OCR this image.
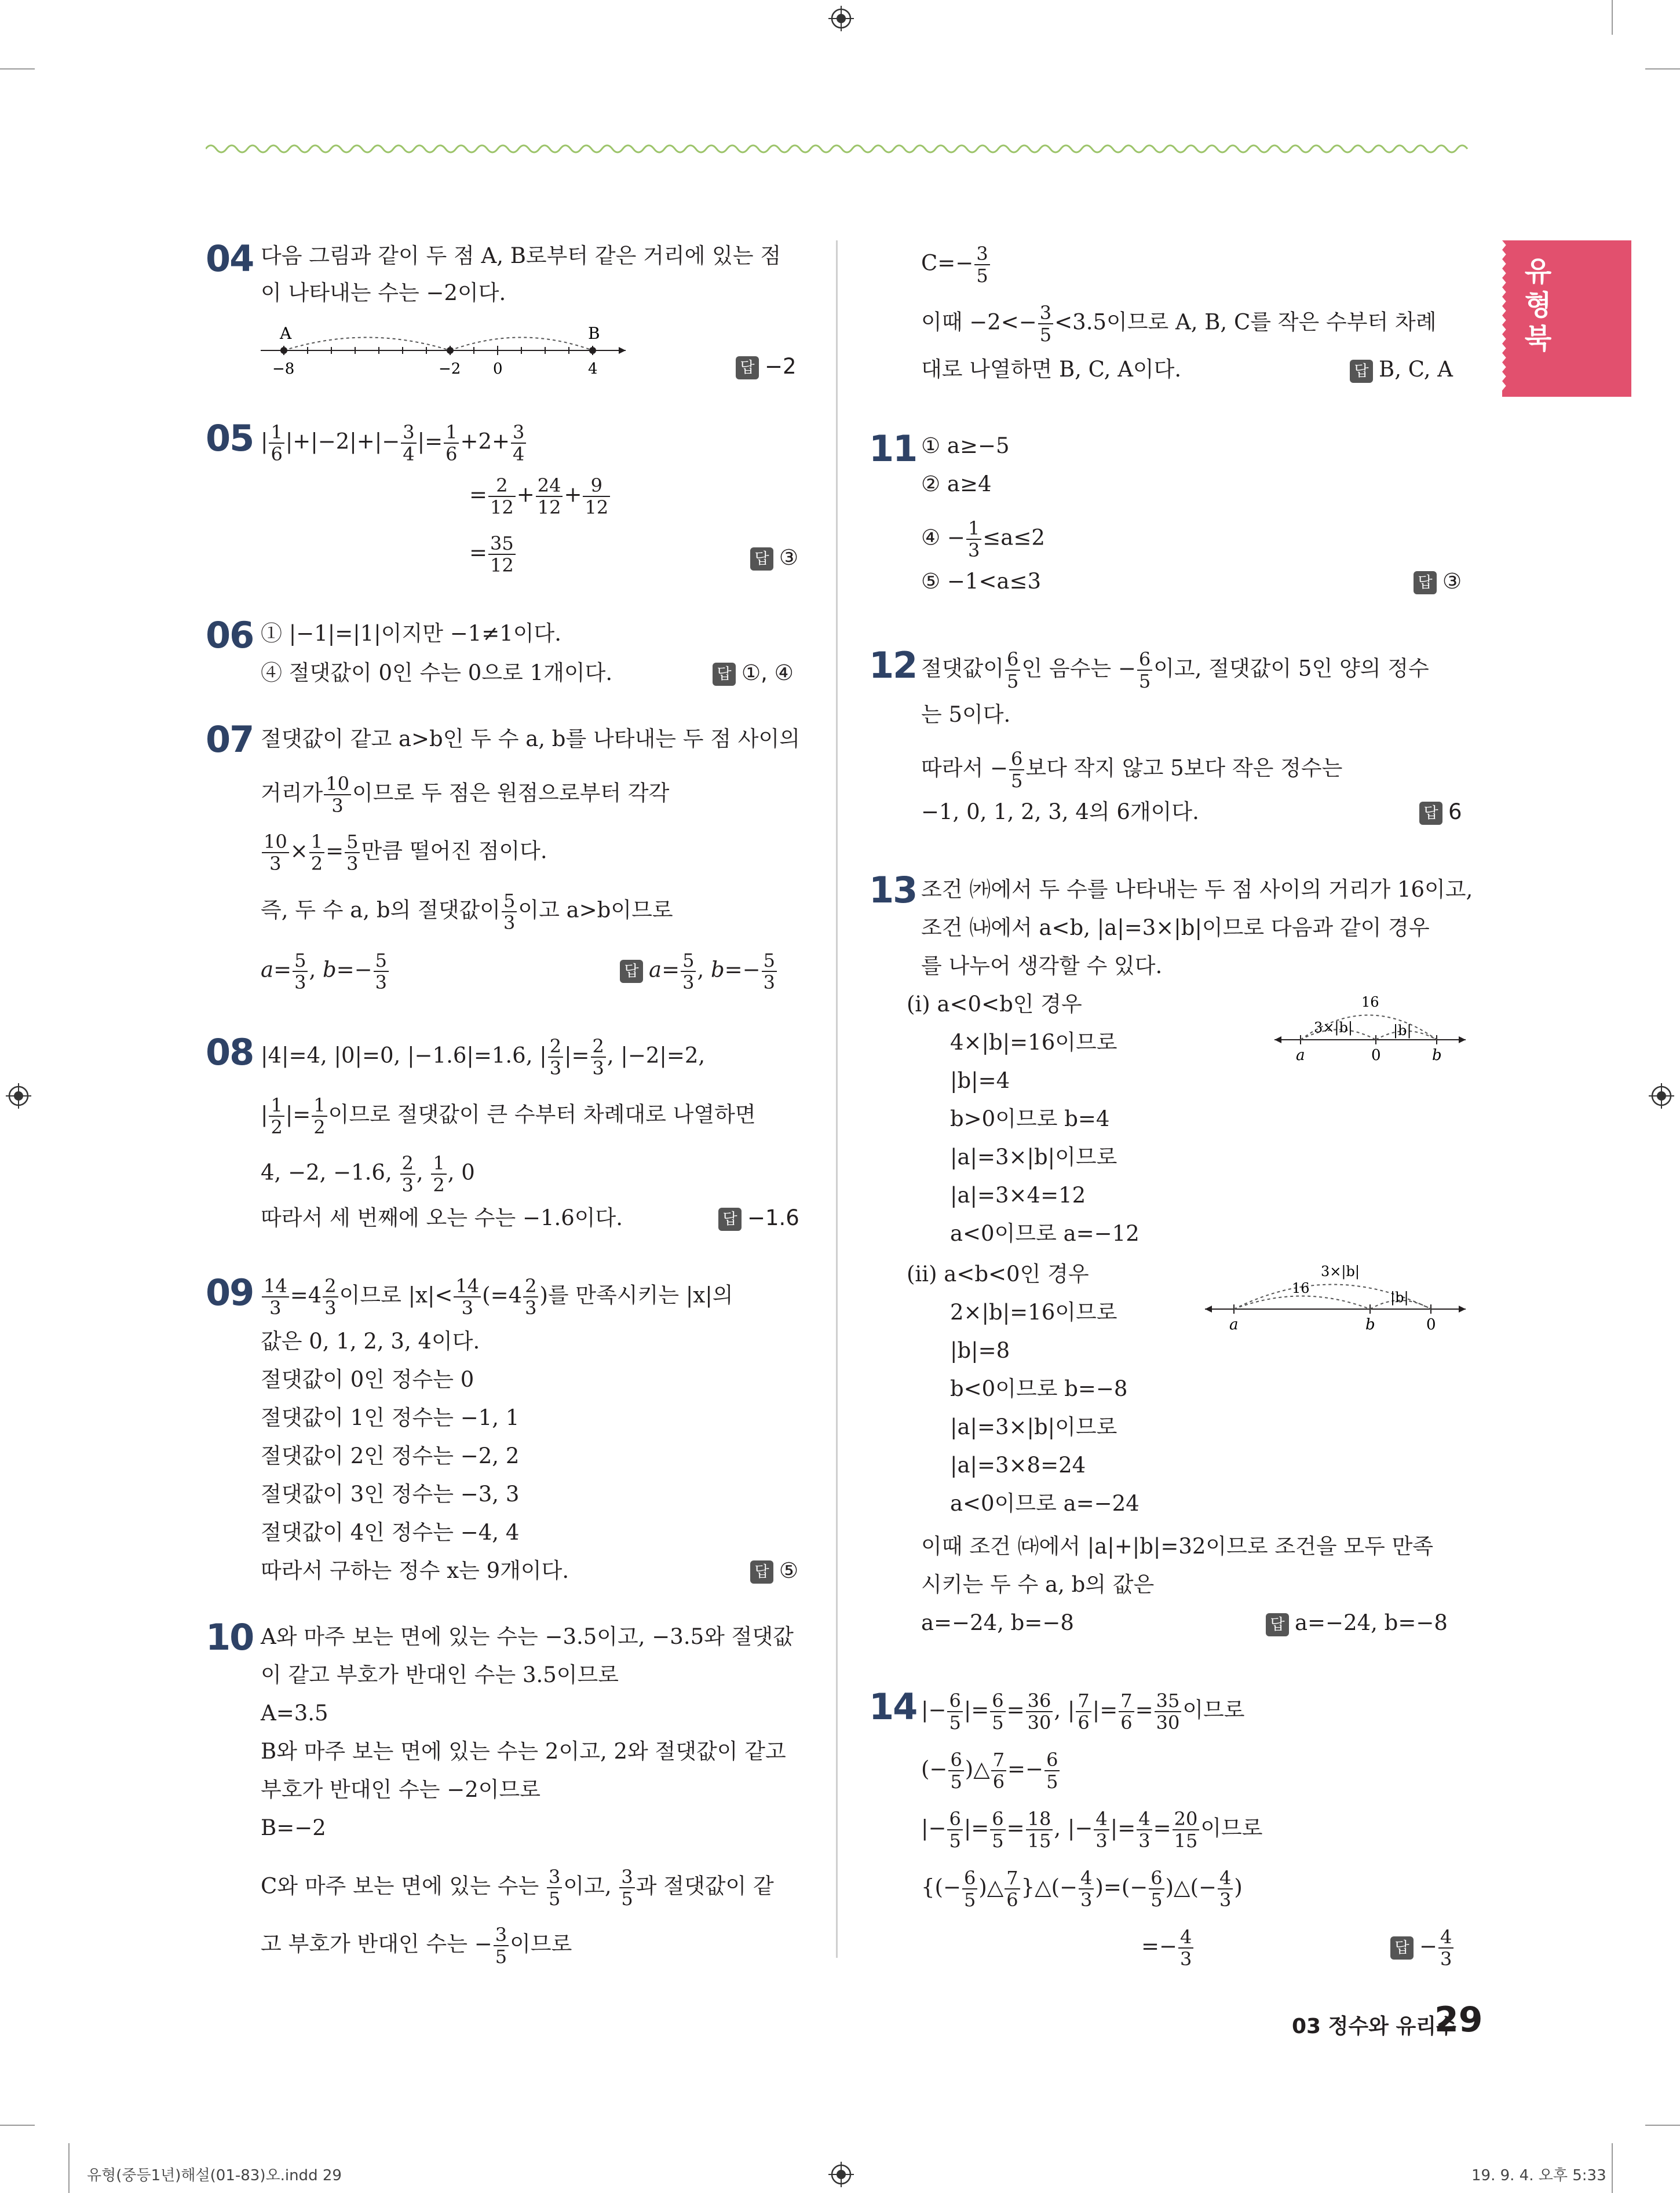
유형북
04 다음 그림과 같이 두 점 A, B로부터 같은 거리에 있는 점
이 나타내는 수는 −2이다.
A	B
−8	−2 0	4	답 −2
05 | $\frac{1}{6} |+|-2|+|- \frac{3}{4}$ |= $\frac{1}{6} +2+ \frac{3}{4}$
= $\frac{2}{12} + \frac{24}{12} + \frac{9}{12}$
= $\frac{35}{12}$	답 ③
06 ① |−1|=|1|이지만 −1≠1이다.
④ 절댓값이 0인 수는 0으로 1개이다.	답 ①, ④
07 절댓값이 같고 a>b인 두 수 a, b를 나타내는 두 점 사이의
거리가 $\frac{10}{3}$ 이므로 두 점은 원점으로부터 각각
$\frac{10}{3} \times \frac{1}{2} = \frac{5}{3}$ 만큼 떨어진 점이다.
즉, 두 수 a, b의 절댓값이 $\frac{5}{3}$ 이고 a>b이므로
$a= \frac{5}{3}$ , $b=- \frac{5}{3}$	답 $a= \frac{5}{3}$ , $b=- \frac{5}{3}$
08 |4|=4, |0|=0, |−1.6|=1.6, | $\frac{2}{3}$ |= $\frac{2}{3}$ , |−2|=2,
| $\frac{1}{2}$ |= $\frac{1}{2}$ 이므로 절댓값이 큰 수부터 차례대로 나열하면
4, −2, −1.6, $\frac{2}{3}$ , $\frac{1}{2}$ , 0
따라서 세 번째에 오는 수는 −1.6이다.	답 −1.6
$09 \frac{14}{3} =4 \frac{2}{3}$ 이므로 $|x|< \frac{14}{3} (=4 \frac{2}{3}$ )를 만족시키는 |x|의
값은 0, 1, 2, 3, 4이다.
절댓값이 0인 정수는 0
절댓값이 1인 정수는 −1, 1
절댓값이 2인 정수는 −2, 2
절댓값이 3인 정수는 −3, 3
절댓값이 4인 정수는 −4, 4
따라서 구하는 정수 x는 9개이다.	답 ⑤
10 A와 마주 보는 면에 있는 수는 −3.5이고, −3.5와 절댓값
이 같고 부호가 반대인 수는 3.5이므로
A=3.5
B와 마주 보는 면에 있는 수는 2이고, 2와 절댓값이 같고
부호가 반대인 수는 −2이므로
B=−2
C와 마주 보는 면에 있는 수는 $\frac{3}{5}$ 이고, $\frac{3}{5}$ 과 절댓값이 같
고 부호가 반대인 수는 − $\frac{3}{5}$ 이므로
$C=- \frac{3}{5}$
이때 $-2<- \frac{3}{5} <3.5$이므로 A, B, C를 작은 수부터 차례
대로 나열하면 B, C, A이다.	답 B, C, A
11 ① a≥−5
② a≥4
④ − $\frac{1}{3} \le a\le 2$
⑤ −1<a≤3	답 ③
12 절댓값이 $\frac{6}{5}$ 인 음수는 − $\frac{6}{5}$ 이고, 절댓값이 5인 양의 정수
는 5이다.
따라서 − $\frac{6}{5}$ 보다 작지 않고 5보다 작은 정수는
−1, 0, 1, 2, 3, 4의 6개이다.	답 6
13 조건 ㈎에서 두 수를 나타내는 두 점 사이의 거리가 16이고,
조건 ㈏에서 a<b, |a|=3×|b|이므로 다음과 같이 경우
를 나누어 생각할 수 있다.
(ⅰ) a<0<b인 경우
4×|b|=16이므로
|b|=4
b>0이므로 b=4
|a|=3×|b|이므로
|a|=3×4=12
a<0이므로 a=−12
16
3×|b|	|b|
a	0	b
(ⅱ) a<b<0인 경우
2×|b|=16이므로
|b|=8
b<0이므로 b=−8
|a|=3×|b|이므로
|a|=3×8=24
a<0이므로 a=−24
3×|b|
16
|b|
a	b	0
이때 조건 ㈐에서 |a|+|b|=32이므로 조건을 모두 만족
시키는 두 수 a, b의 값은
a=−24, b=−8	답 a=−24, b=−8
14 |− $\frac{6}{5}$ |= $\frac{6}{5} = \frac{36}{30}$ , | $\frac{7}{6}$ |= $\frac{7}{6} = \frac{35}{30}$ 이므로
(− $\frac{6}{5}$ )△ $\frac{7}{6} =- \frac{6}{5}$
|− $\frac{6}{5}$ |= $\frac{6}{5} = \frac{18}{15}$ , |− $\frac{4}{3}$ |= $\frac{4}{3} = \frac{20}{15}$ 이므로
{(− $\frac{6}{5}$ )△ $\frac{7}{6}$ }△(− $\frac{4}{3}$ )=(− $\frac{6}{5}$ )△(− $\frac{4}{3}$ )
=− $\frac{4}{3}$	답 − $\frac{4}{3}$
03 정수와 유리수
29
유형(중등1년)해설(01-83)오.indd 29	19. 9. 4. 오후 5:33
